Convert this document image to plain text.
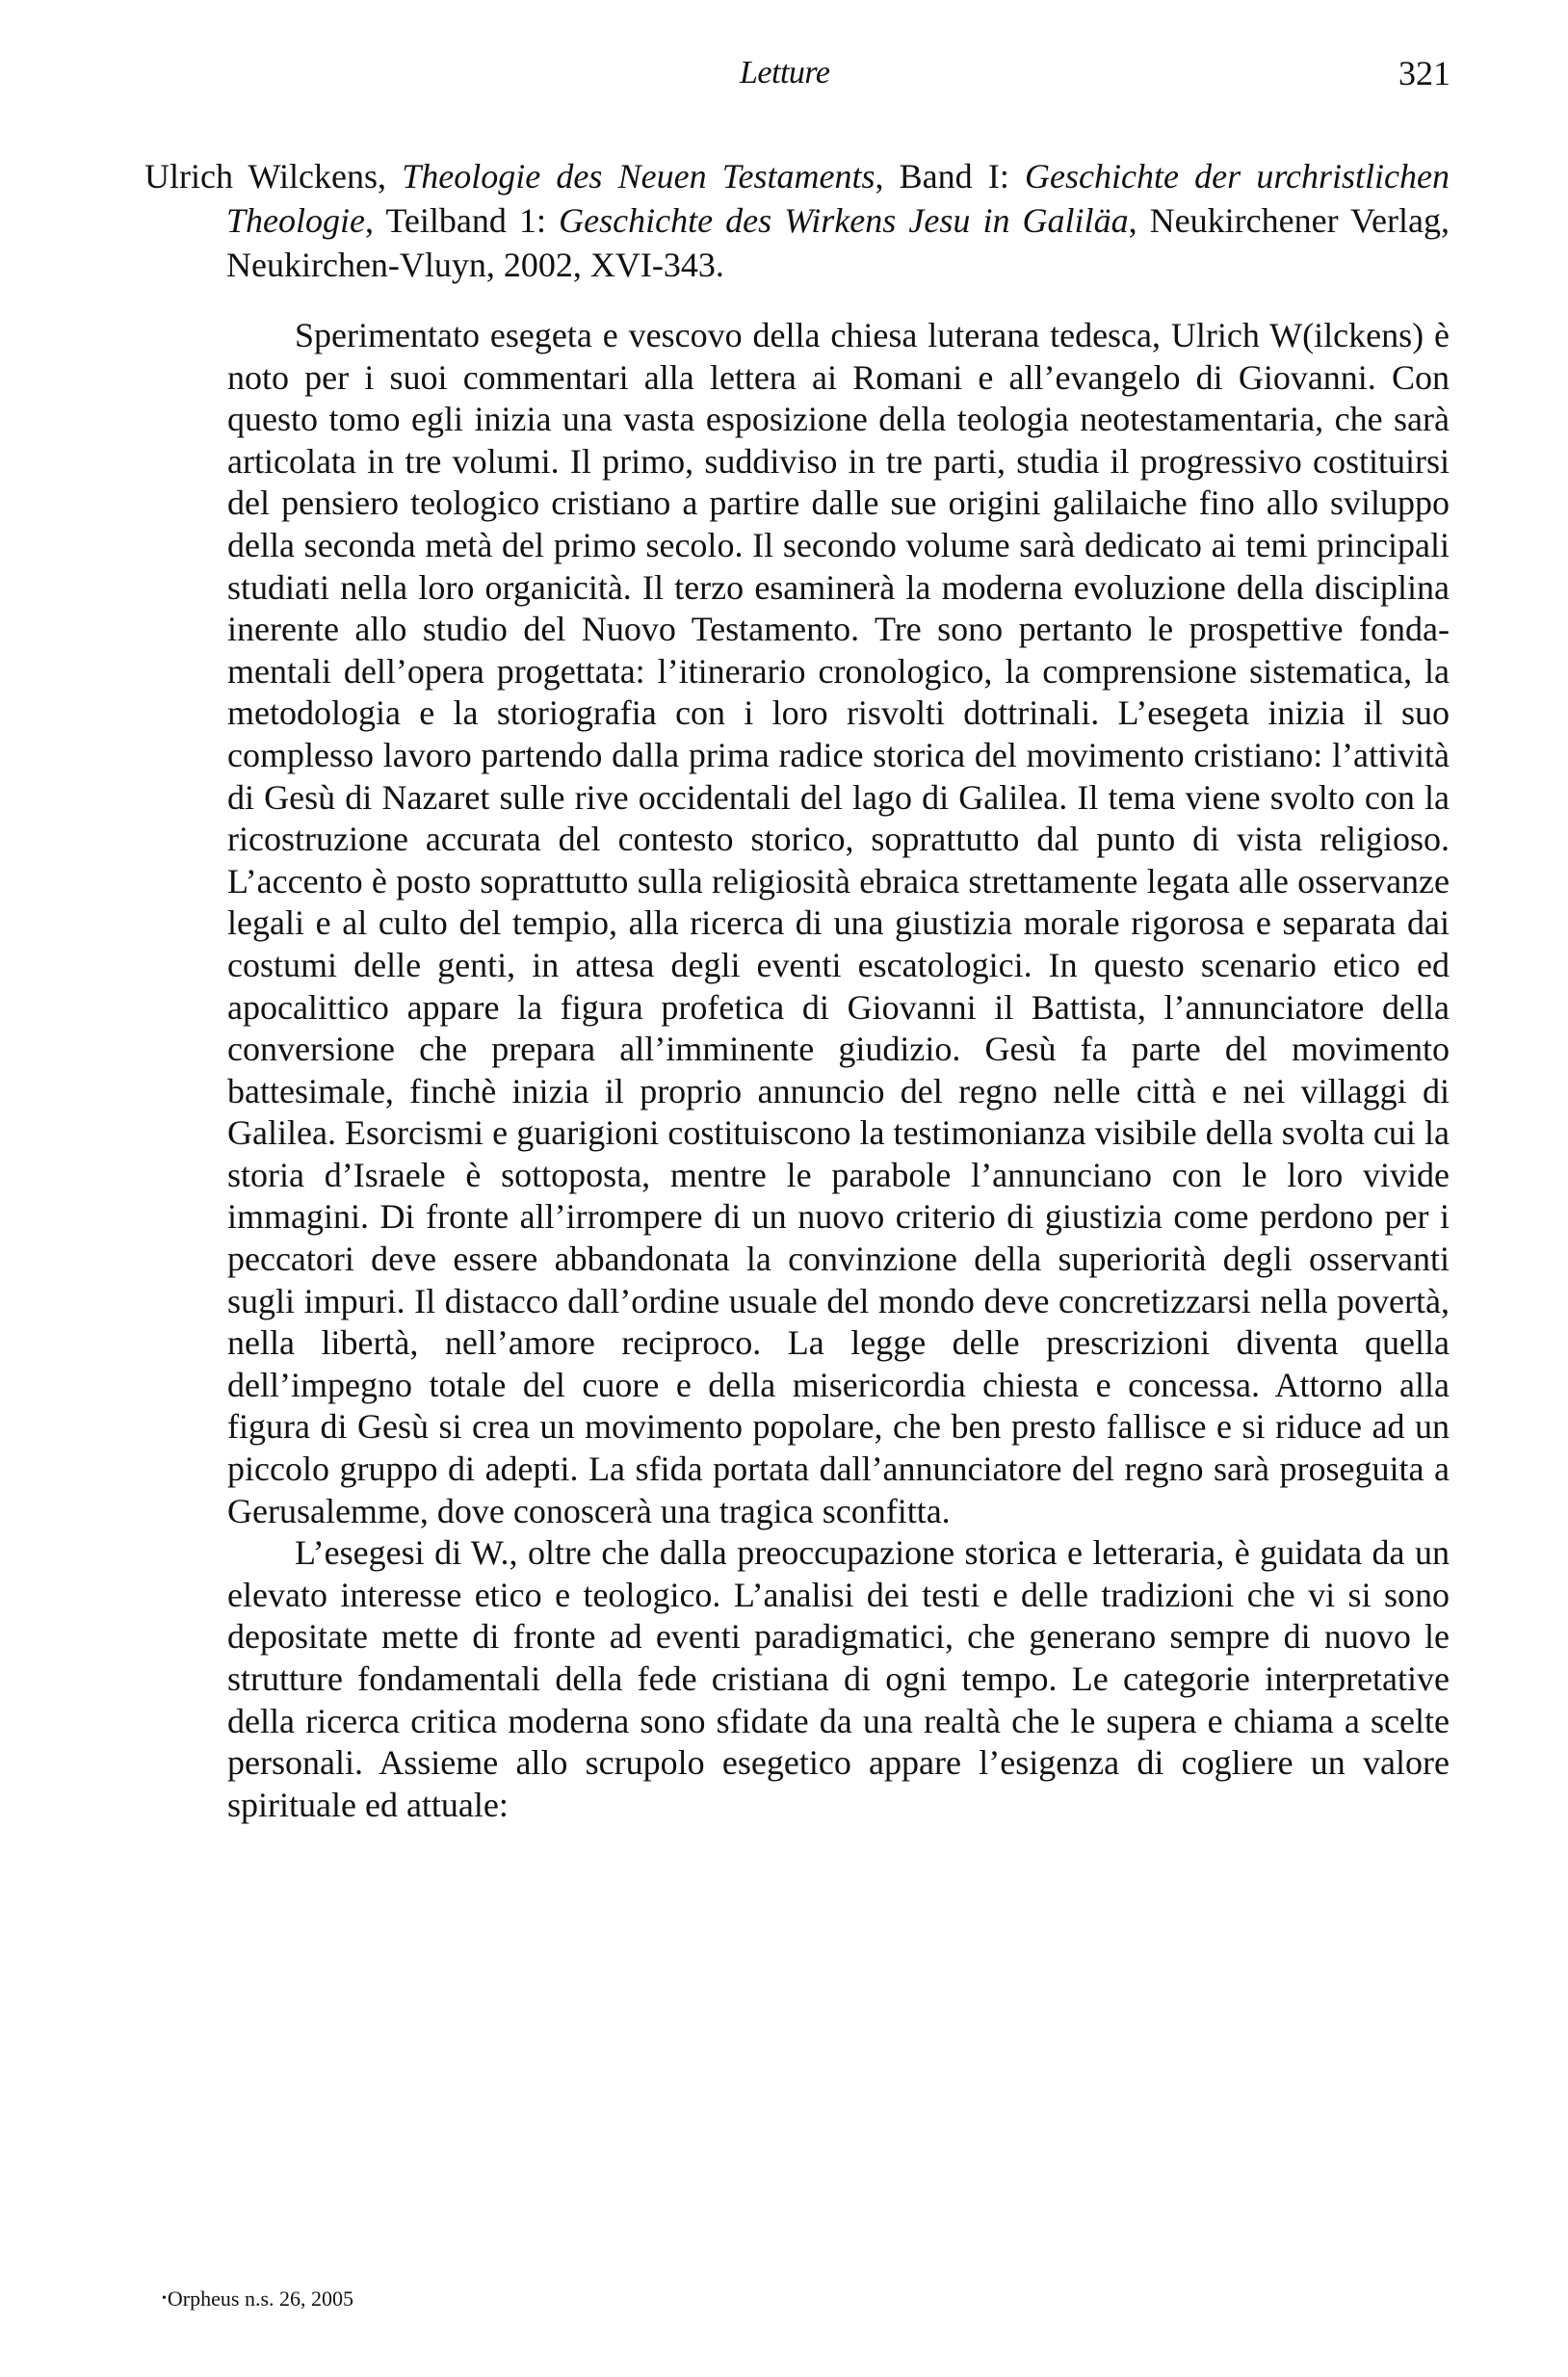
Letture	321
Ulrich Wilckens, Theologie des Neuen Testaments, Band I: Geschichte der urchristlichen Theologie, Teilband 1: Geschichte des Wirkens Jesu in Galiläa, Neukirchener Verlag, Neukirchen-Vluyn, 2002, XVI-343.

Sperimentato esegeta e vescovo della chiesa luterana tedesca, Ulrich W(ilckens) è noto per i suoi commentari alla lettera ai Romani e all’evangelo di Giovanni. Con questo tomo egli inizia una vasta esposizione della teologia neotestamentaria, che sarà articolata in tre volumi. Il primo, suddiviso in tre parti, studia il progressivo costituirsi del pensiero teologico cristiano a partire dalle sue origini galilaiche fino allo sviluppo della seconda metà del primo secolo. Il secondo volume sarà dedicato ai temi principali studiati nella loro organicità. Il terzo esaminerà la moderna evoluzione della disciplina inerente allo studio del Nuovo Testamento. Tre sono pertanto le prospettive fondamentali dell’opera progettata: l’itinerario cronologico, la comprensione sistematica, la metodologia e la storiografia con i loro risvolti dottrinali. L’esegeta inizia il suo complesso lavoro partendo dalla prima radice storica del movimento cristiano: l’attività di Gesù di Nazaret sulle rive occidentali del lago di Galilea. Il tema viene svolto con la ricostruzione accurata del contesto storico, soprattutto dal punto di vista religioso. L’accento è posto soprattutto sulla religiosità ebraica strettamente legata alle osservanze legali e al culto del tempio, alla ricerca di una giustizia morale rigorosa e separata dai costumi delle genti, in attesa degli eventi escatologici. In questo scenario etico ed apocalittico appare la figura profetica di Giovanni il Battista, l’annunciatore della conversione che prepara all’imminente giudizio. Gesù fa parte del movimento battesimale, finchè inizia il proprio annuncio del regno nelle città e nei villaggi di Galilea. Esorcismi e guarigioni costituiscono la testimonianza visibile della svolta cui la storia d’Israele è sottoposta, mentre le parabole l’annunciano con le loro vivide immagini. Di fronte all’irrompere di un nuovo criterio di giustizia come perdono per i peccatori deve essere abbandonata la convinzione della superiorità degli osservanti sugli impuri. Il distacco dall’ordine usuale del mondo deve concretizzarsi nella povertà, nella libertà, nell’amore reciproco. La legge delle prescrizioni diventa quella dell’impegno totale del cuore e della misericordia chiesta e concessa. Attorno alla figura di Gesù si crea un movimento popolare, che ben presto fallisce e si riduce ad un piccolo gruppo di adepti. La sfida portata dall’annunciatore del regno sarà proseguita a Gerusalemme, dove conoscerà una tragica sconfitta.

L’esegesi di W., oltre che dalla preoccupazione storica e letteraria, è guidata da un elevato interesse etico e teologico. L’analisi dei testi e delle tradizioni che vi si sono depositate mette di fronte ad eventi paradigmatici, che generano sempre di nuovo le strutture fondamentali della fede cristiana di ogni tempo. Le categorie interpretative della ricerca critica moderna sono sfidate da una realtà che le supera e chiama a scelte personali. Assieme allo scrupolo esegetico appare l’esigenza di cogliere un valore spirituale ed attuale:

•Orpheus n.s. 26, 2005
